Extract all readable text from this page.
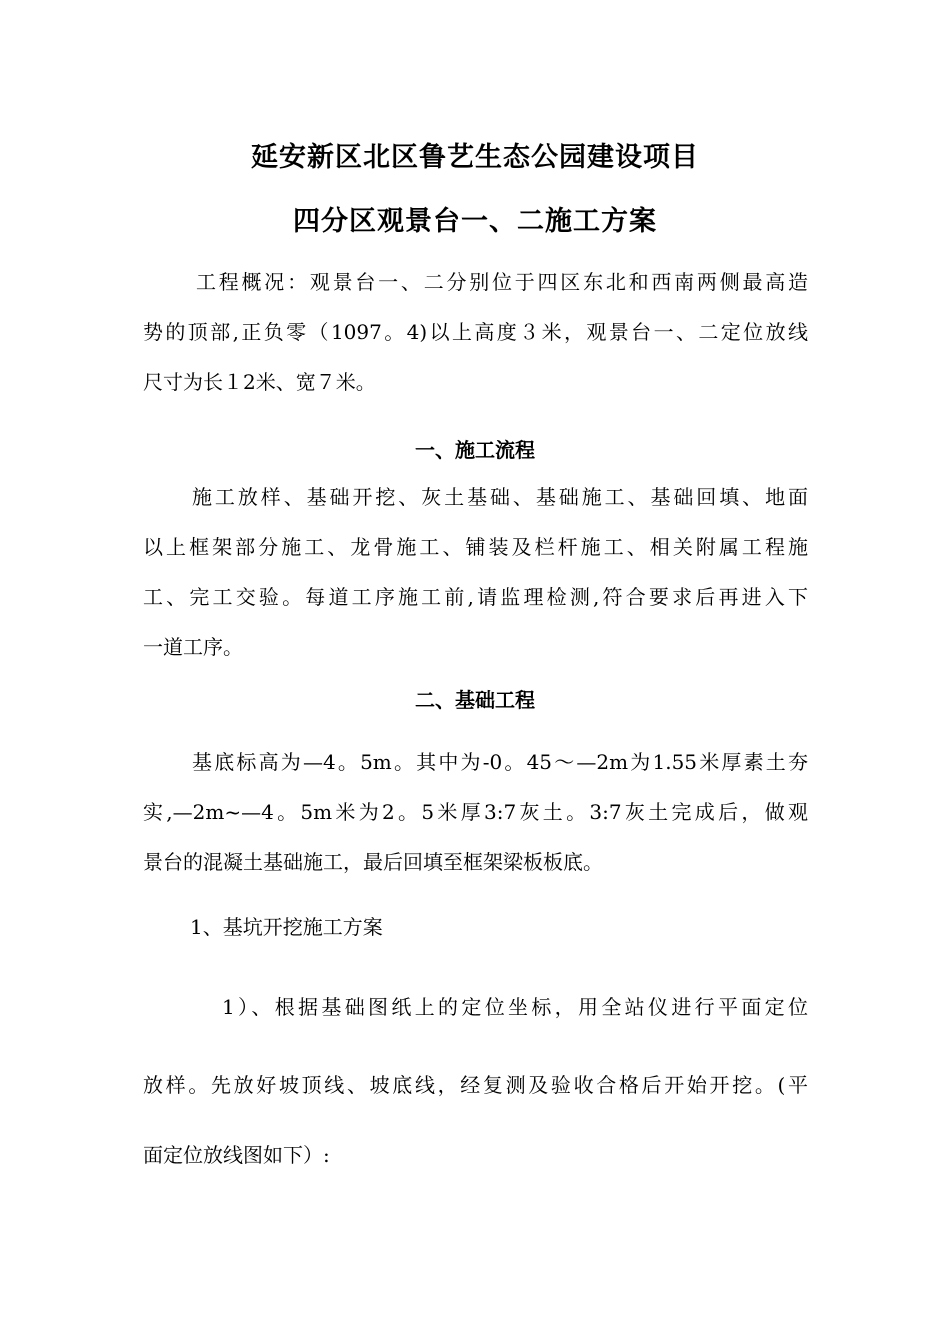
延安新区北区鲁艺生态公园建设项目
四分区观景台一、二施工方案
工程概况：观景台一、二分别位于四区东北和西南两侧最高造
势的顶部,正负零（1097。4)以上高度３米，观景台一、二定位放线
尺寸为长１2米、宽７米。
一、施工流程
施工放样、基础开挖、灰土基础、基础施工、基础回填、地面
以上框架部分施工、龙骨施工、铺装及栏杆施工、相关附属工程施
工、完工交验。每道工序施工前,请监理检测,符合要求后再进入下
一道工序。
二、基础工程
基底标高为—4。5m。其中为-0。45～—2m为1.55米厚素土夯
实,—2m~—4。5m米为2。5米厚3:7灰土。3:7灰土完成后，做观
景台的混凝土基础施工，最后回填至框架梁板板底。
1、基坑开挖施工方案
1）、根据基础图纸上的定位坐标，用全站仪进行平面定位
放样。先放好坡顶线、坡底线，经复测及验收合格后开始开挖。(平
面定位放线图如下）:
